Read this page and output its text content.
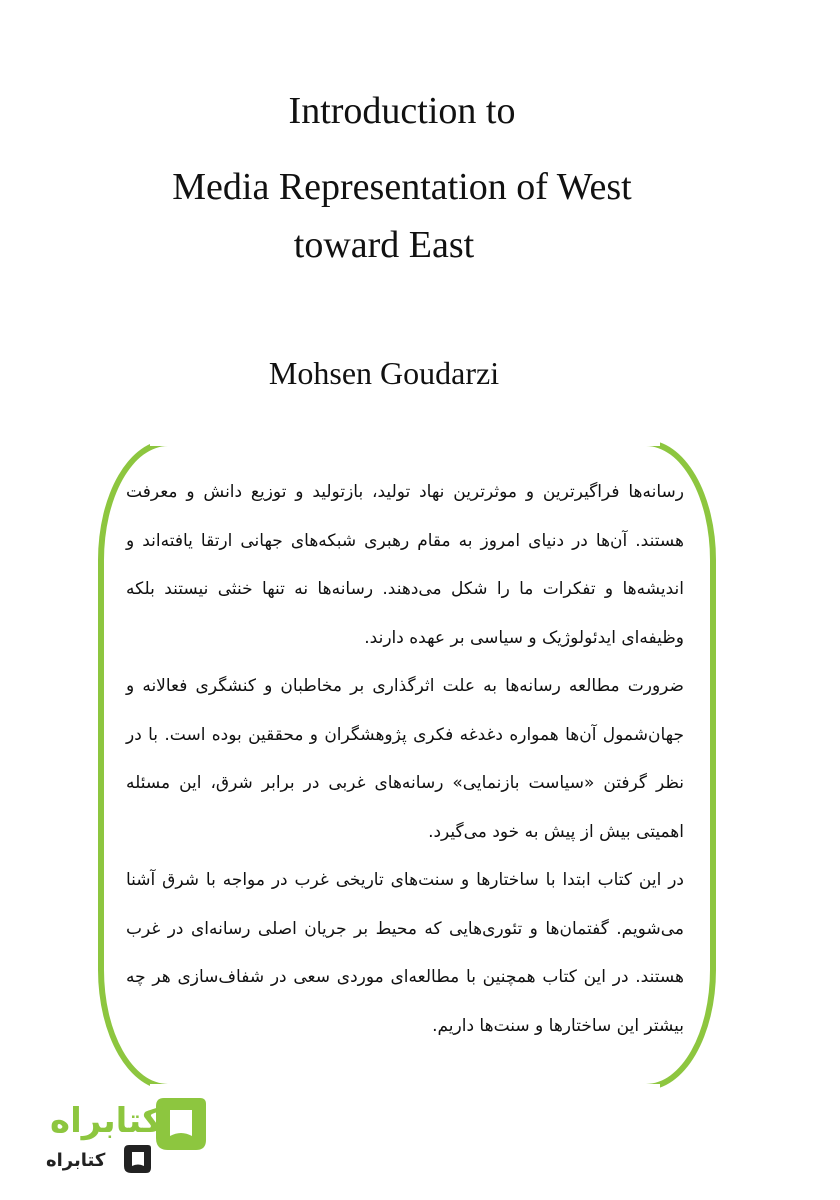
Introduction to
Media Representation of West
toward East
Mohsen Goudarzi

رسانه‌ها فراگیرترین و موثرترین نهاد تولید، بازتولید و توزیع دانش و معرفت هستند. آن‌ها در دنیای امروز به مقام رهبری شبکه‌های جهانی ارتقا یافته‌اند و اندیشه‌ها و تفکرات ما را شکل می‌دهند. رسانه‌ها نه تنها خنثی نیستند بلکه وظیفه‌ای ایدئولوژیک و سیاسی بر عهده دارند.

ضرورت مطالعه رسانه‌ها به علت اثرگذاری بر مخاطبان و کنشگری فعالانه و جهان‌شمول آن‌ها همواره دغدغه فکری پژوهشگران و محققین بوده است. با در نظر گرفتن «سیاست بازنمایی» رسانه‌های غربی در برابر شرق، این مسئله اهمیتی بیش از پیش به خود می‌گیرد.

در این کتاب ابتدا با ساختارها و سنت‌های تاریخی غرب در مواجه با شرق آشنا می‌شویم. گفتمان‌ها و تئوری‌هایی که محیط بر جریان اصلی رسانه‌ای در غرب هستند. در این کتاب همچنین با مطالعه‌ای موردی سعی در شفاف‌سازی هر چه بیشتر این ساختارها و سنت‌ها داریم.

کتابراه
کتابراه
